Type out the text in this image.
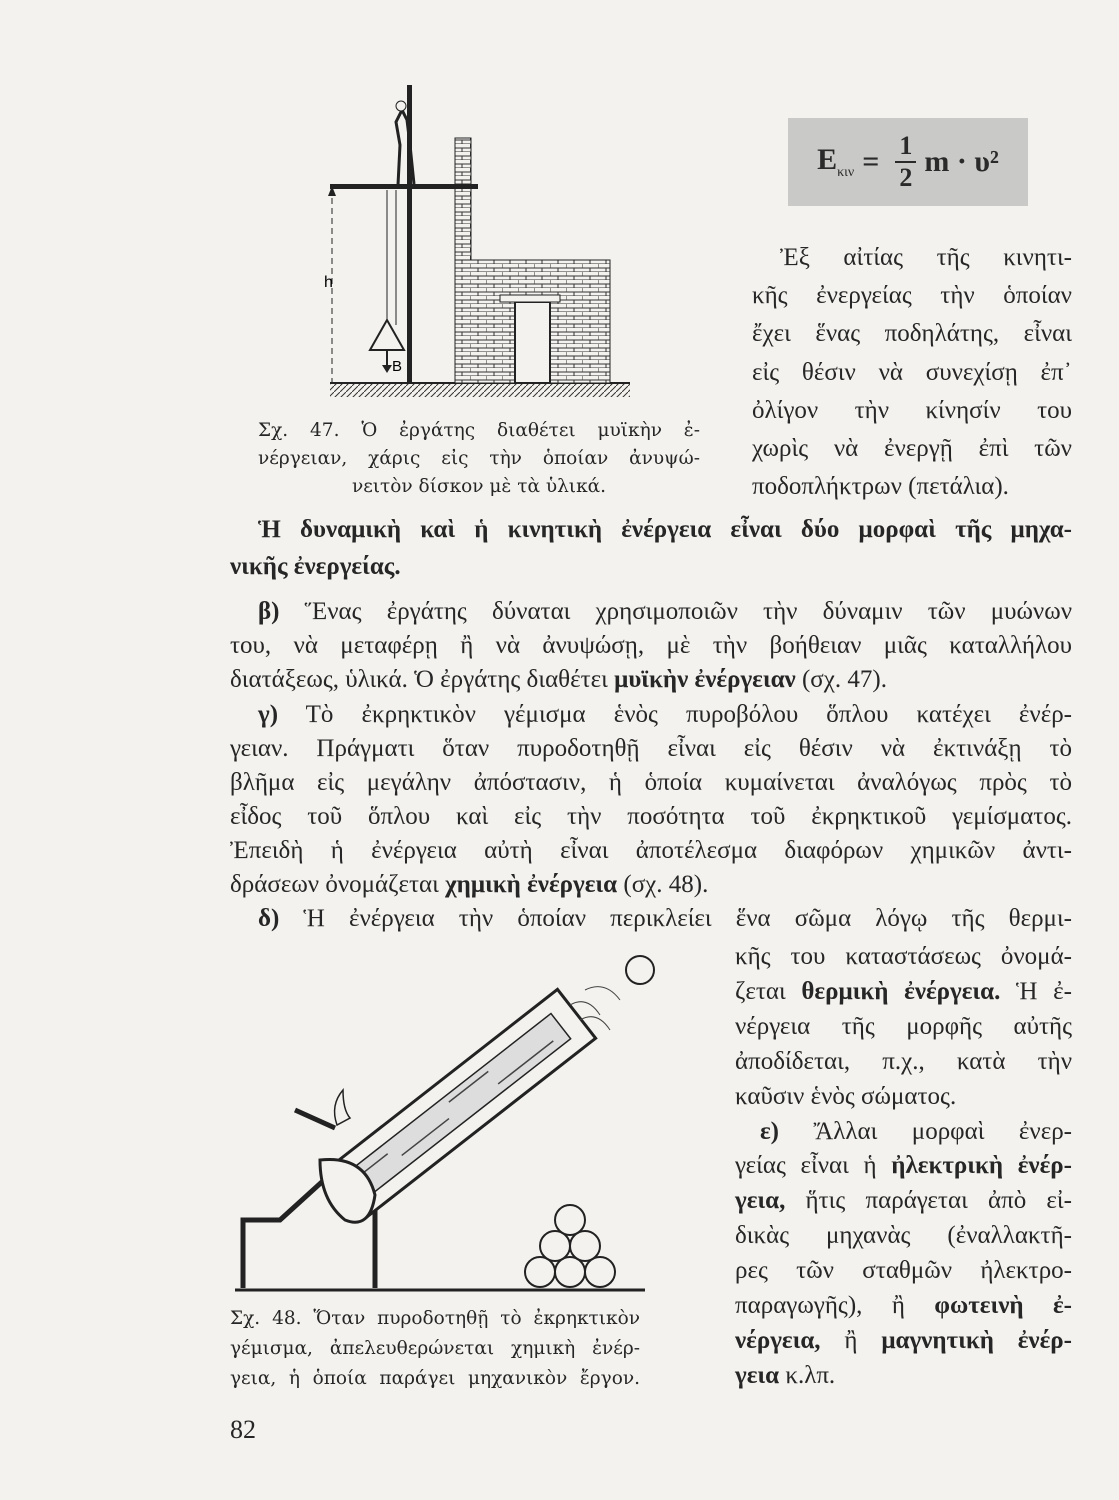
$E_{\kappa\iota\nu} = \frac{1}{2}$ m · υ²
h
B
82
Ἐξ αἰτίας τῆς κινητι-
κῆς ἐνεργείας τὴν ὁποίαν
ἔχει ἕνας ποδηλάτης, εἶναι
εἰς θέσιν νὰ συνεχίσῃ ἐπ᾽
ὀλίγον τὴν κίνησίν του
χωρὶς νὰ ἐνεργῇ ἐπὶ τῶν
ποδοπλήκτρων (πετάλια).
Σχ. 47. Ὁ ἐργάτης διαθέτει μυϊκὴν ἐ-
νέργειαν, χάρις εἰς τὴν ὁποίαν ἀνυψώ-
νειτὸν δίσκον μὲ τὰ ὑλικά.
Ἡ δυναμικὴ καὶ ἡ κινητικὴ ἐνέργεια εἶναι δύο μορφαὶ τῆς μηχα-
νικῆς ἐνεργείας.
β) Ἕνας ἐργάτης δύναται χρησιμοποιῶν τὴν δύναμιν τῶν μυώνων
του, νὰ μεταφέρῃ ἢ νὰ ἀνυψώσῃ, μὲ τὴν βοήθειαν μιᾶς καταλλήλου
διατάξεως, ὑλικά. Ὁ ἐργάτης διαθέτει μυϊκὴν ἐνέργειαν (σχ. 47).
γ) Τὸ ἐκρηκτικὸν γέμισμα ἑνὸς πυροβόλου ὅπλου κατέχει ἐνέρ-
γειαν. Πράγματι ὅταν πυροδοτηθῇ εἶναι εἰς θέσιν νὰ ἐκτινάξῃ τὸ
βλῆμα εἰς μεγάλην ἀπόστασιν, ἡ ὁποία κυμαίνεται ἀναλόγως πρὸς τὸ
εἶδος τοῦ ὅπλου καὶ εἰς τὴν ποσότητα τοῦ ἐκρηκτικοῦ γεμίσματος.
Ἐπειδὴ ἡ ἐνέργεια αὐτὴ εἶναι ἀποτέλεσμα διαφόρων χημικῶν ἀντι-
δράσεων ὀνομάζεται χημικὴ ἐνέργεια (σχ. 48).
δ) Ἡ ἐνέργεια τὴν ὁποίαν περικλείει ἕνα σῶμα λόγῳ τῆς θερμι-
κῆς του καταστάσεως ὀνομά-
ζεται θερμικὴ ἐνέργεια. Ἡ ἐ-
νέργεια τῆς μορφῆς αὐτῆς
ἀποδίδεται, π.χ., κατὰ τὴν
καῦσιν ἑνὸς σώματος.
ε) Ἄλλαι μορφαὶ ἐνερ-
γείας εἶναι ἡ ἠλεκτρικὴ ἐνέρ-
γεια, ἥτις παράγεται ἀπὸ εἰ-
δικὰς μηχανὰς (ἐναλλακτῆ-
ρες τῶν σταθμῶν ἠλεκτρο-
παραγωγῆς), ἢ φωτεινὴ ἐ-
νέργεια, ἢ μαγνητικὴ ἐνέρ-
γεια κ.λπ.
Σχ. 48. Ὅταν πυροδοτηθῇ τὸ ἐκρηκτικὸν
γέμισμα, ἀπελευθερώνεται χημικὴ ἐνέρ-
γεια, ἡ ὁποία παράγει μηχανικὸν ἔργον.
